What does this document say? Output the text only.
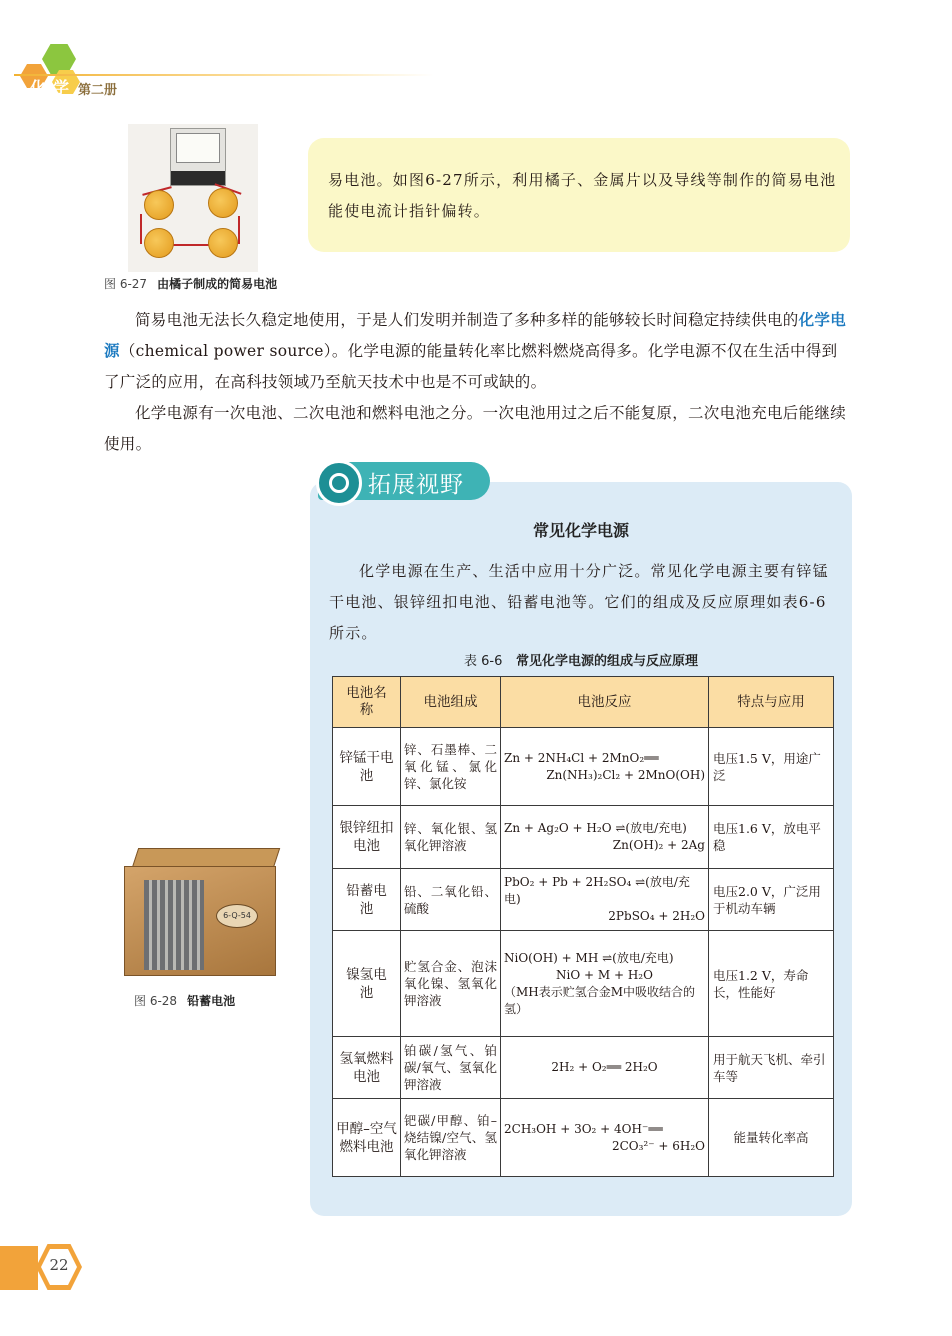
化 学 第二册
图 6-27 由橘子制成的简易电池
易电池。如图6-27所示，利用橘子、金属片以及导线等制作的简易电池能使电流计指针偏转。

简易电池无法长久稳定地使用，于是人们发明并制造了多种多样的能够较长时间稳定持续供电的化学电源（chemical power source）。化学电源的能量转化率比燃料燃烧高得多。化学电源不仅在生活中得到了广泛的应用，在高科技领域乃至航天技术中也是不可或缺的。

化学电源有一次电池、二次电池和燃料电池之分。一次电池用过之后不能复原，二次电池充电后能继续使用。

拓展视野
常见化学电源
化学电源在生产、生活中应用十分广泛。常见化学电源主要有锌锰干电池、银锌纽扣电池、铅蓄电池等。它们的组成及反应原理如表6-6所示。
表 6-6 常见化学电源的组成与反应原理
电池名称	电池组成	电池反应	特点与应用
锌锰干电池	锌、石墨棒、二氧化锰、氯化锌、氯化铵	Zn + 2NH₄Cl + 2MnO₂══
Zn(NH₃)₂Cl₂ + 2MnO(OH)	电压1.5 V，用途广泛
银锌纽扣电池	锌、氧化银、氢氧化钾溶液	Zn + Ag₂O + H₂O ⇌(放电/充电)
Zn(OH)₂ + 2Ag	电压1.6 V，放电平稳
铅蓄电池	铅、二氧化铅、硫酸	PbO₂ + Pb + 2H₂SO₄ ⇌(放电/充电)
2PbSO₄ + 2H₂O	电压2.0 V，广泛用于机动车辆
镍氢电池	贮氢合金、泡沫氧化镍、氢氧化钾溶液	NiO(OH) + MH ⇌(放电/充电)
NiO + M + H₂O
（MH表示贮氢合金M中吸收结合的氢）	电压1.2 V，寿命长，性能好
氢氧燃料电池	铂碳/氢气、铂碳/氧气、氢氧化钾溶液	2H₂ + O₂══ 2H₂O	用于航天飞机、牵引车等
甲醇–空气燃料电池	钯碳/甲醇、铂–烧结镍/空气、氢氧化钾溶液	2CH₃OH + 3O₂ + 4OH⁻══
2CO₃²⁻ + 6H₂O	能量转化率高
6-Q-54
图 6-28 铅蓄电池
22
